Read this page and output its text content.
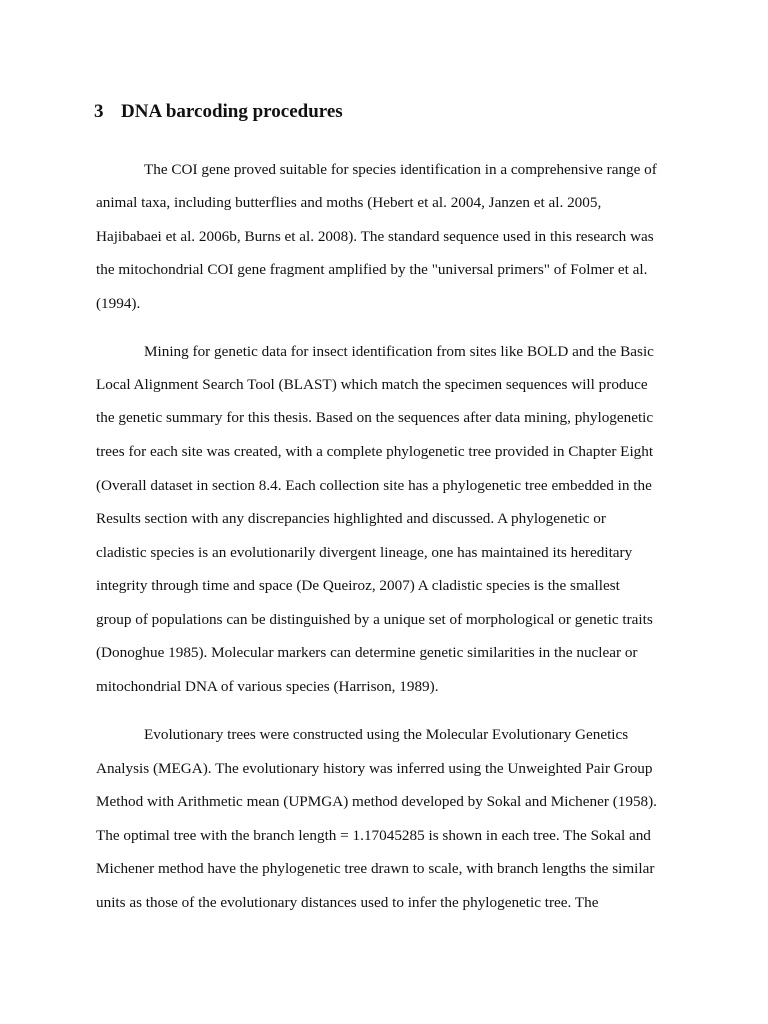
3 DNA barcoding procedures
The COI gene proved suitable for species identification in a comprehensive range of
animal taxa, including butterflies and moths (Hebert et al. 2004, Janzen et al. 2005,
Hajibabaei et al. 2006b, Burns et al. 2008). The standard sequence used in this research was
the mitochondrial COI gene fragment amplified by the "universal primers" of Folmer et al.
(1994).
Mining for genetic data for insect identification from sites like BOLD and the Basic
Local Alignment Search Tool (BLAST) which match the specimen sequences will produce
the genetic summary for this thesis. Based on the sequences after data mining, phylogenetic
trees for each site was created, with a complete phylogenetic tree provided in Chapter Eight
(Overall dataset in section 8.4. Each collection site has a phylogenetic tree embedded in the
Results section with any discrepancies highlighted and discussed. A phylogenetic or
cladistic species is an evolutionarily divergent lineage, one has maintained its hereditary
integrity through time and space (De Queiroz, 2007) A cladistic species is the smallest
group of populations can be distinguished by a unique set of morphological or genetic traits
(Donoghue 1985). Molecular markers can determine genetic similarities in the nuclear or
mitochondrial DNA of various species (Harrison, 1989).
Evolutionary trees were constructed using the Molecular Evolutionary Genetics
Analysis (MEGA). The evolutionary history was inferred using the Unweighted Pair Group
Method with Arithmetic mean (UPMGA) method developed by Sokal and Michener (1958).
The optimal tree with the branch length = 1.17045285 is shown in each tree. The Sokal and
Michener method have the phylogenetic tree drawn to scale, with branch lengths the similar
units as those of the evolutionary distances used to infer the phylogenetic tree. The
